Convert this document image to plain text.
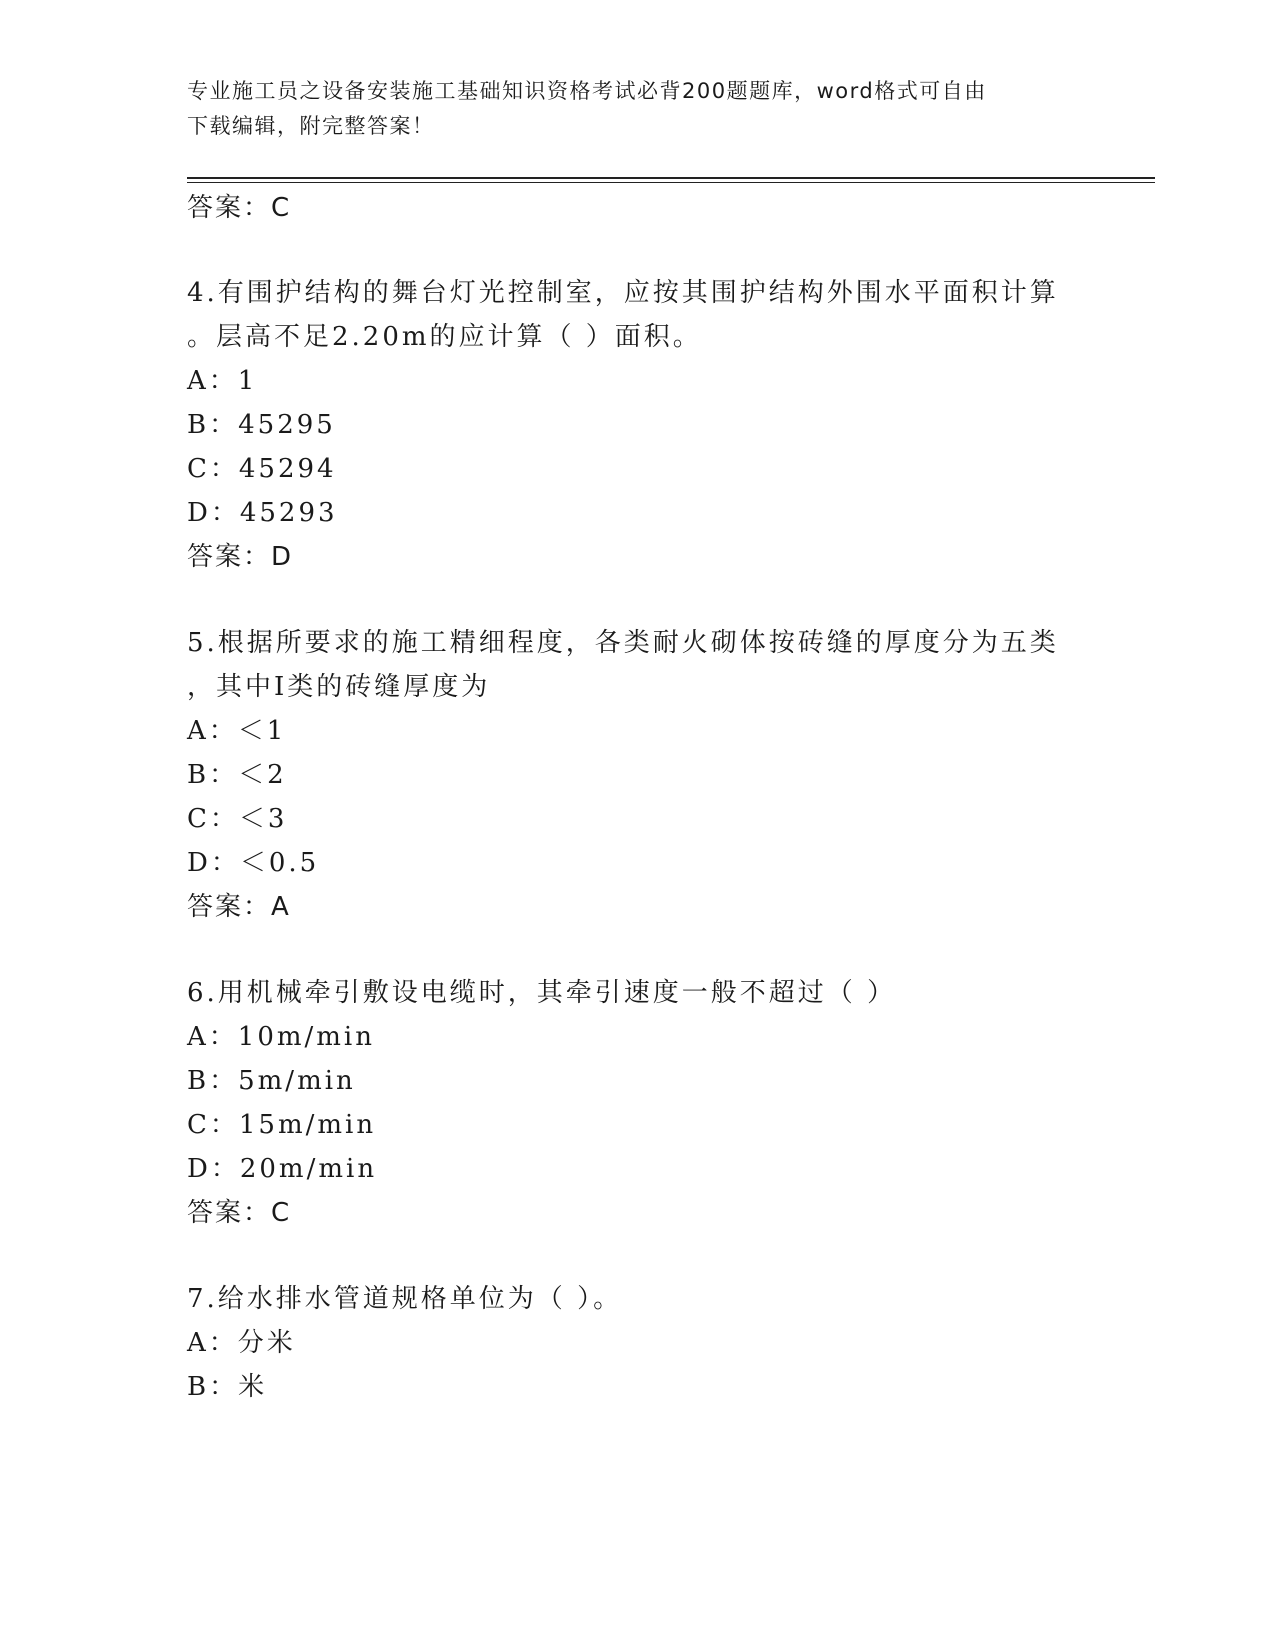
专业施工员之设备安装施工基础知识资格考试必背200题题库，word格式可自由
下载编辑，附完整答案！
答案：C
4.有围护结构的舞台灯光控制室，应按其围护结构外围水平面积计算
。层高不足2.20m的应计算（ ）面积。
A：1
B：45295
C：45294
D：45293
答案：D
5.根据所要求的施工精细程度，各类耐火砌体按砖缝的厚度分为五类
，其中I类的砖缝厚度为
A：＜1
B：＜2
C：＜3
D：＜0.5
答案：A
6.用机械牵引敷设电缆时，其牵引速度一般不超过（ ）
A：10m/min
B：5m/min
C：15m/min
D：20m/min
答案：C
7.给水排水管道规格单位为（ ）。
A：分米
B：米
